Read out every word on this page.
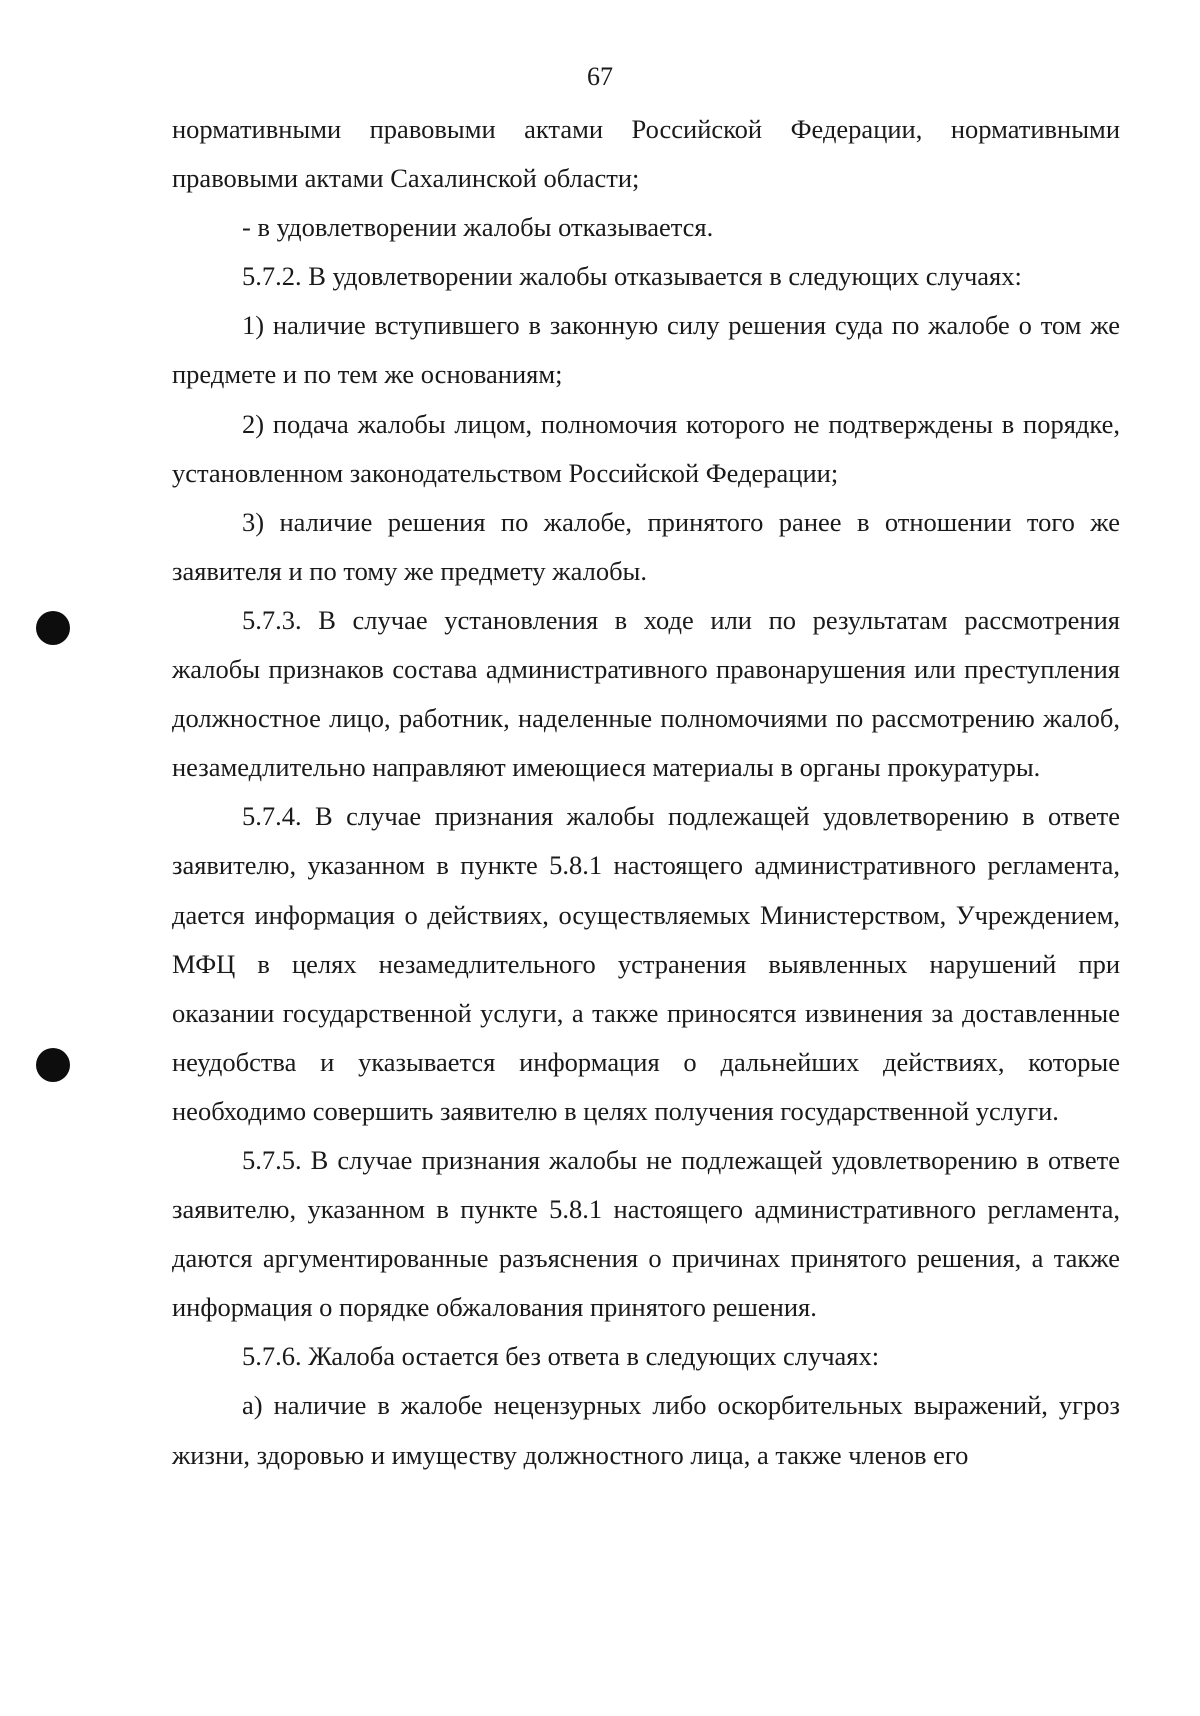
67

нормативными правовыми актами Российской Федерации, нормативными правовыми актами Сахалинской области;

- в удовлетворении жалобы отказывается.

5.7.2. В удовлетворении жалобы отказывается в следующих случаях:

1) наличие вступившего в законную силу решения суда по жалобе о том же предмете и по тем же основаниям;

2) подача жалобы лицом, полномочия которого не подтверждены в порядке, установленном законодательством Российской Федерации;

3) наличие решения по жалобе, принятого ранее в отношении того же заявителя и по тому же предмету жалобы.

5.7.3. В случае установления в ходе или по результатам рассмотрения жалобы признаков состава административного правонарушения или преступления должностное лицо, работник, наделенные полномочиями по рассмотрению жалоб, незамедлительно направляют имеющиеся материалы в органы прокуратуры.

5.7.4. В случае признания жалобы подлежащей удовлетворению в ответе заявителю, указанном в пункте 5.8.1 настоящего административного регламента, дается информация о действиях, осуществляемых Министерством, Учреждением, МФЦ в целях незамедлительного устранения выявленных нарушений при оказании государственной услуги, а также приносятся извинения за доставленные неудобства и указывается информация о дальнейших действиях, которые необходимо совершить заявителю в целях получения государственной услуги.

5.7.5. В случае признания жалобы не подлежащей удовлетворению в ответе заявителю, указанном в пункте 5.8.1 настоящего административного регламента, даются аргументированные разъяснения о причинах принятого решения, а также информация о порядке обжалования принятого решения.

5.7.6. Жалоба остается без ответа в следующих случаях:

а) наличие в жалобе нецензурных либо оскорбительных выражений, угроз жизни, здоровью и имуществу должностного лица, а также членов его
